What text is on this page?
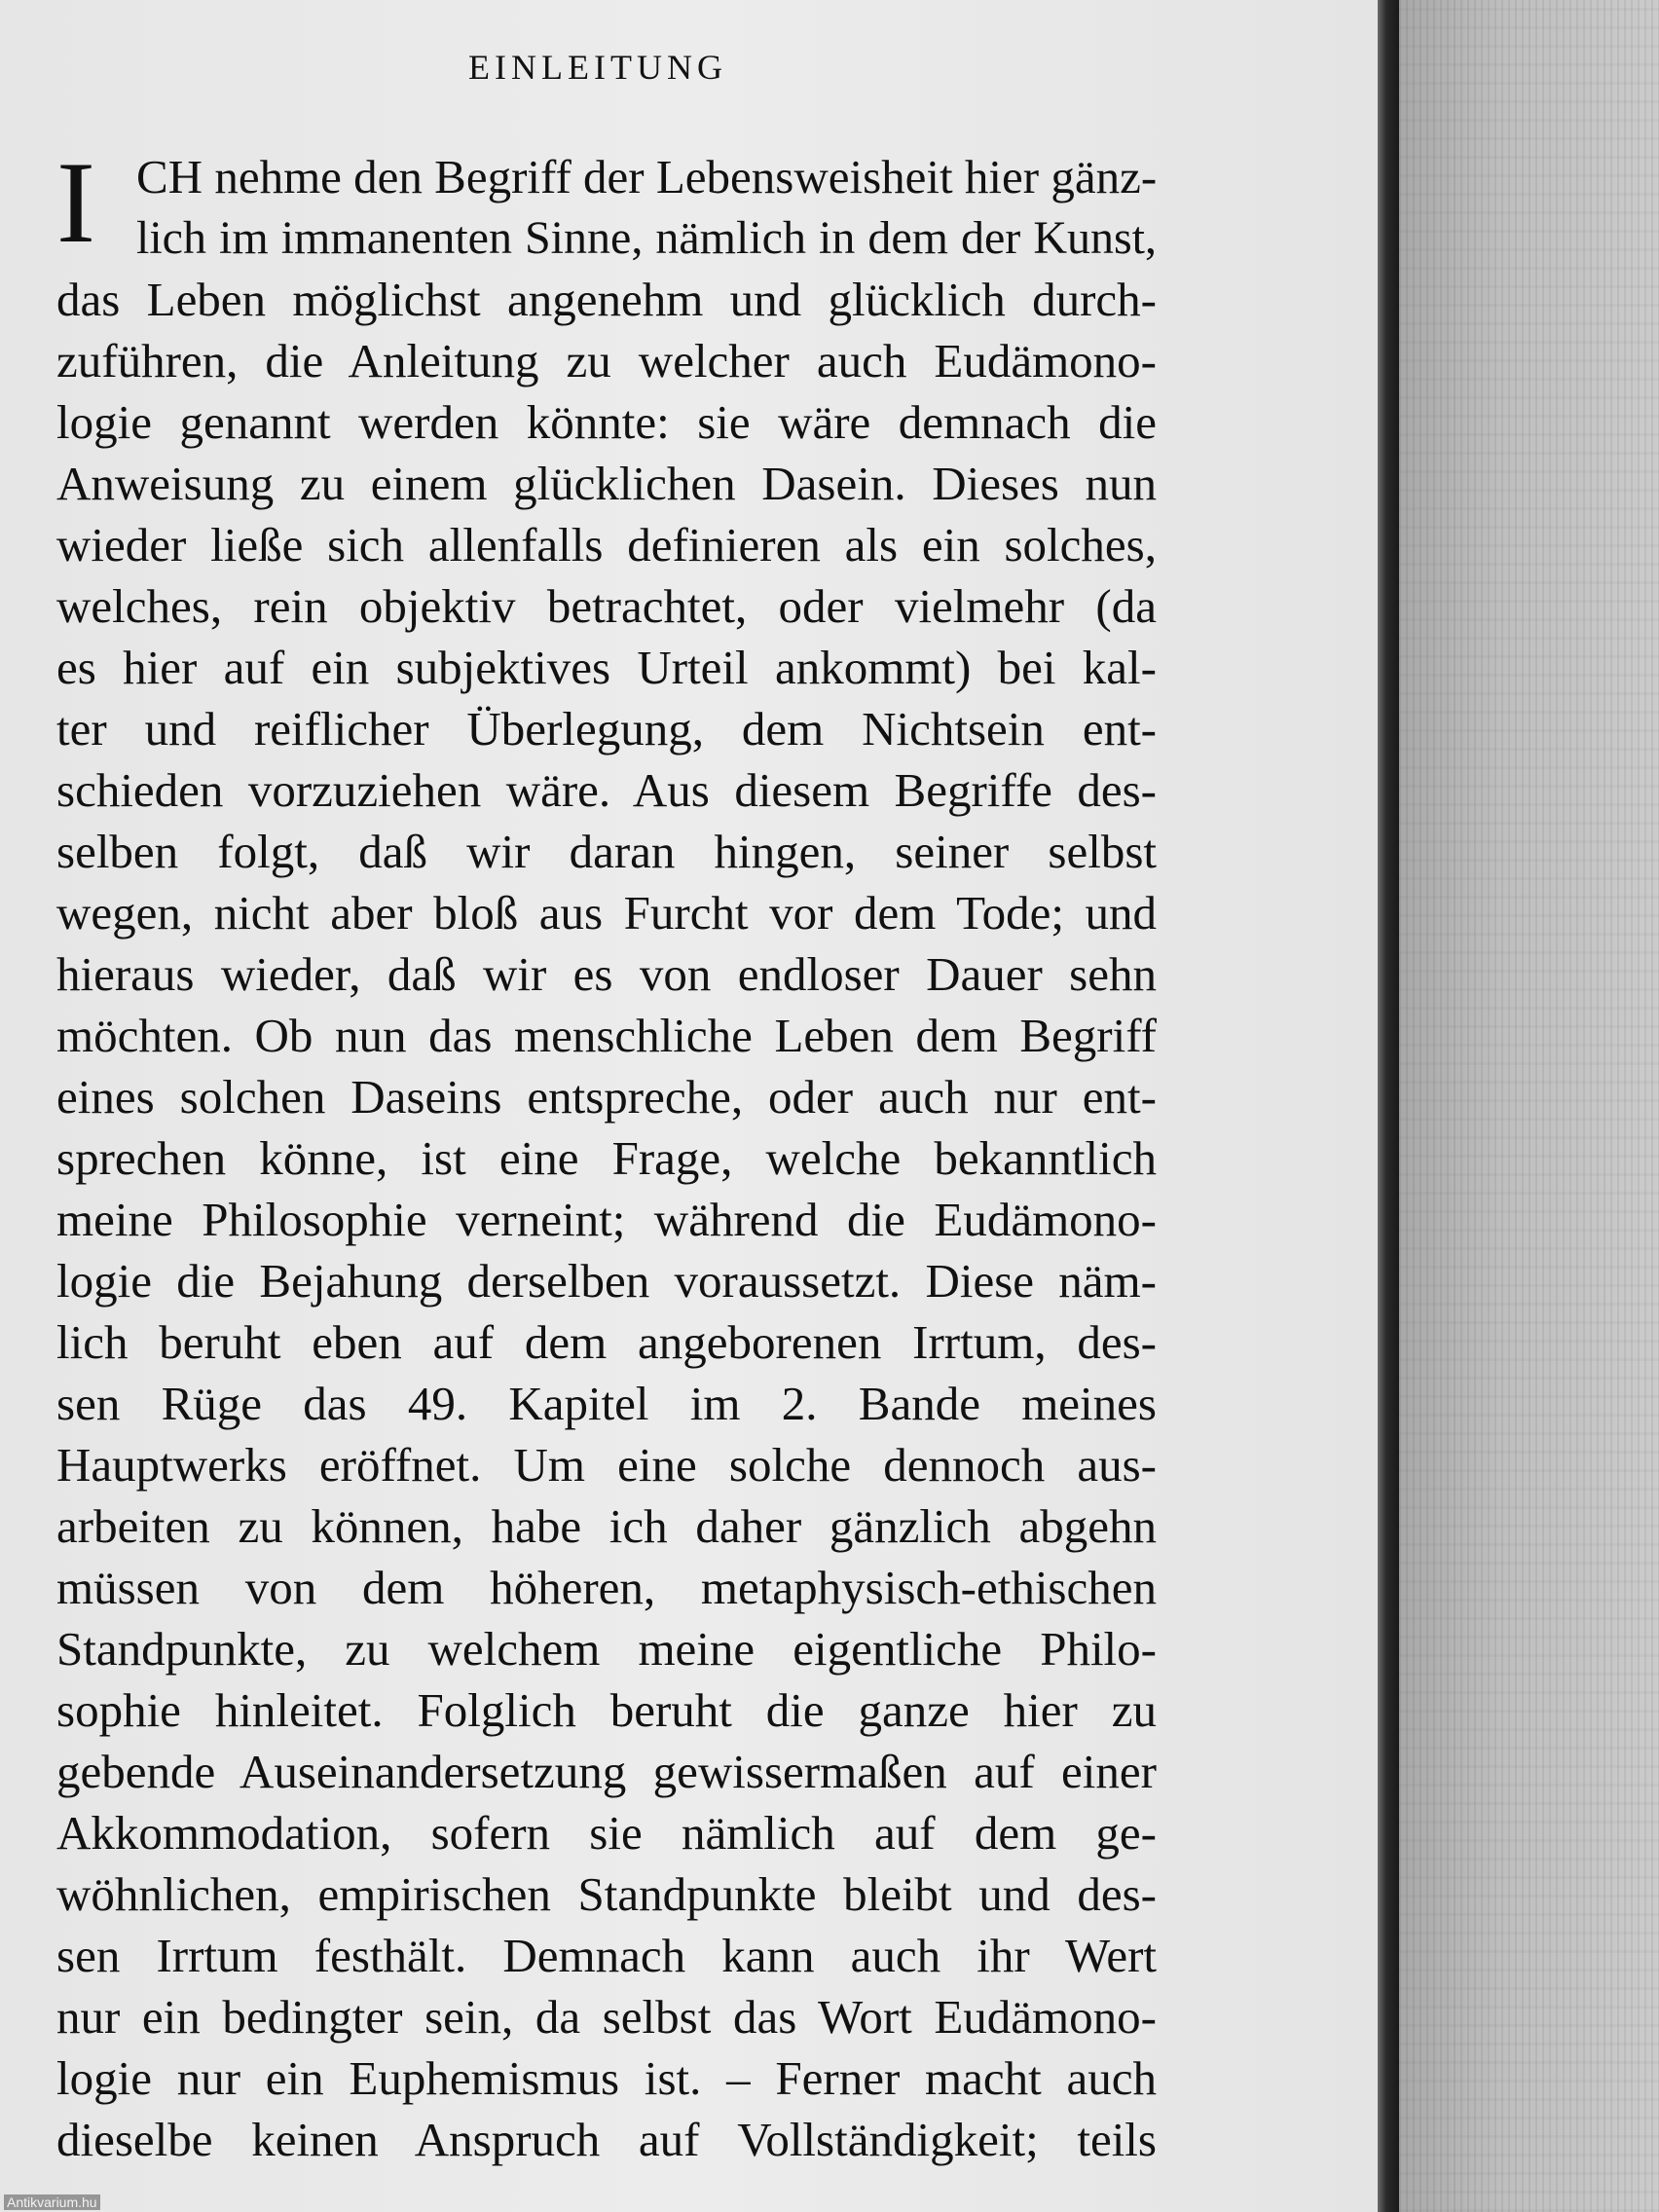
EINLEITUNG
I CH nehme den Begriff der Lebensweisheit hier gänz-
lich im immanenten Sinne, nämlich in dem der Kunst,
das Leben möglichst angenehm und glücklich durch-
zuführen, die Anleitung zu welcher auch Eudämono-
logie genannt werden könnte: sie wäre demnach die
Anweisung zu einem glücklichen Dasein. Dieses nun
wieder ließe sich allenfalls definieren als ein solches,
welches, rein objektiv betrachtet, oder vielmehr (da
es hier auf ein subjektives Urteil ankommt) bei kal-
ter und reiflicher Überlegung, dem Nichtsein ent-
schieden vorzuziehen wäre. Aus diesem Begriffe des-
selben folgt, daß wir daran hingen, seiner selbst
wegen, nicht aber bloß aus Furcht vor dem Tode; und
hieraus wieder, daß wir es von endloser Dauer sehn
möchten. Ob nun das menschliche Leben dem Begriff
eines solchen Daseins entspreche, oder auch nur ent-
sprechen könne, ist eine Frage, welche bekanntlich
meine Philosophie verneint; während die Eudämono-
logie die Bejahung derselben voraussetzt. Diese näm-
lich beruht eben auf dem angeborenen Irrtum, des-
sen Rüge das 49. Kapitel im 2. Bande meines
Hauptwerks eröffnet. Um eine solche dennoch aus-
arbeiten zu können, habe ich daher gänzlich abgehn
müssen von dem höheren, metaphysisch-ethischen
Standpunkte, zu welchem meine eigentliche Philo-
sophie hinleitet. Folglich beruht die ganze hier zu
gebende Auseinandersetzung gewissermaßen auf einer
Akkommodation, sofern sie nämlich auf dem ge-
wöhnlichen, empirischen Standpunkte bleibt und des-
sen Irrtum festhält. Demnach kann auch ihr Wert
nur ein bedingter sein, da selbst das Wort Eudämono-
logie nur ein Euphemismus ist. – Ferner macht auch
dieselbe keinen Anspruch auf Vollständigkeit; teils
Antikvarium.hu
